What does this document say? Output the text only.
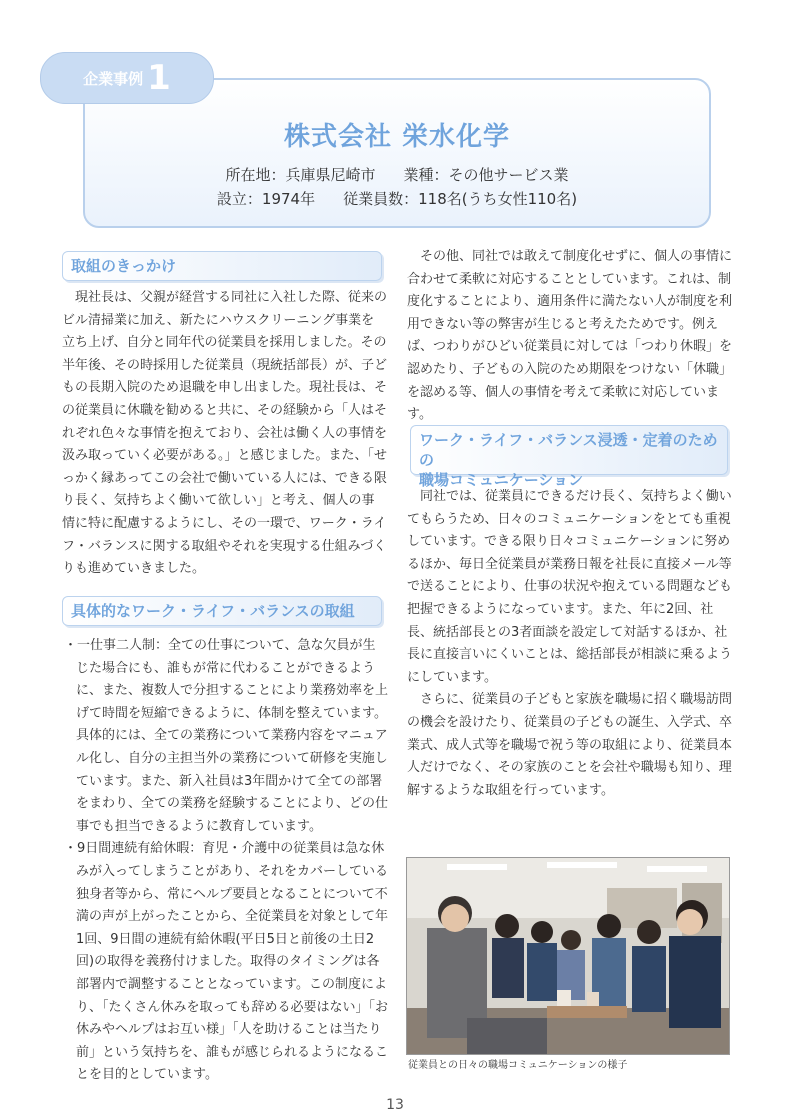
企業事例 1
株式会社 栄水化学
所在地：兵庫県尼崎市 業種：その他サービス業
設立：1974年 従業員数：118名(うち女性110名)
取組のきっかけ

現社長は、父親が経営する同社に入社した際、従来のビル清掃業に加え、新たにハウスクリーニング事業を立ち上げ、自分と同年代の従業員を採用しました。その半年後、その時採用した従業員（現統括部長）が、子どもの長期入院のため退職を申し出ました。現社長は、その従業員に休職を勧めると共に、その経験から「人はそれぞれ色々な事情を抱えており、会社は働く人の事情を汲み取っていく必要がある。」と感じました。また、「せっかく縁あってこの会社で働いている人には、できる限り長く、気持ちよく働いて欲しい」と考え、個人の事情に特に配慮するようにし、その一環で、ワーク・ライフ・バランスに関する取組やそれを実現する仕組みづくりも進めていきました。

具体的なワーク・ライフ・バランスの取組

・一仕事二人制：全ての仕事について、急な欠員が生じた場合にも、誰もが常に代わることができるように、また、複数人で分担することにより業務効率を上げて時間を短縮できるように、体制を整えています。具体的には、全ての業務について業務内容をマニュアル化し、自分の主担当外の業務について研修を実施しています。また、新入社員は3年間かけて全ての部署をまわり、全ての業務を経験することにより、どの仕事でも担当できるように教育しています。

・9日間連続有給休暇：育児・介護中の従業員は急な休みが入ってしまうことがあり、それをカバーしている独身者等から、常にヘルプ要員となることについて不満の声が上がったことから、全従業員を対象として年1回、9日間の連続有給休暇(平日5日と前後の土日2回)の取得を義務付けました。取得のタイミングは各部署内で調整することとなっています。この制度により、「たくさん休みを取っても辞める必要はない」「お休みやヘルプはお互い様」「人を助けることは当たり前」という気持ちを、誰もが感じられるようになることを目的としています。

その他、同社では敢えて制度化せずに、個人の事情に合わせて柔軟に対応することとしています。これは、制度化することにより、適用条件に満たない人が制度を利用できない等の弊害が生じると考えたためです。例えば、つわりがひどい従業員に対しては「つわり休暇」を認めたり、子どもの入院のため期限をつけない「休職」を認める等、個人の事情を考えて柔軟に対応しています。

ワーク・ライフ・バランス浸透・定着のための
職場コミュニケーション

同社では、従業員にできるだけ長く、気持ちよく働いてもらうため、日々のコミュニケーションをとても重視しています。できる限り日々コミュニケーションに努めるほか、毎日全従業員が業務日報を社長に直接メール等で送ることにより、仕事の状況や抱えている問題なども把握できるようになっています。また、年に2回、社長、統括部長との3者面談を設定して対話するほか、社長に直接言いにくいことは、総括部長が相談に乗るようにしています。

さらに、従業員の子どもと家族を職場に招く職場訪問の機会を設けたり、従業員の子どもの誕生、入学式、卒業式、成人式等を職場で祝う等の取組により、従業員本人だけでなく、その家族のことを会社や職場も知り、理解するような取組を行っています。

従業員との日々の職場コミュニケーションの様子
13
